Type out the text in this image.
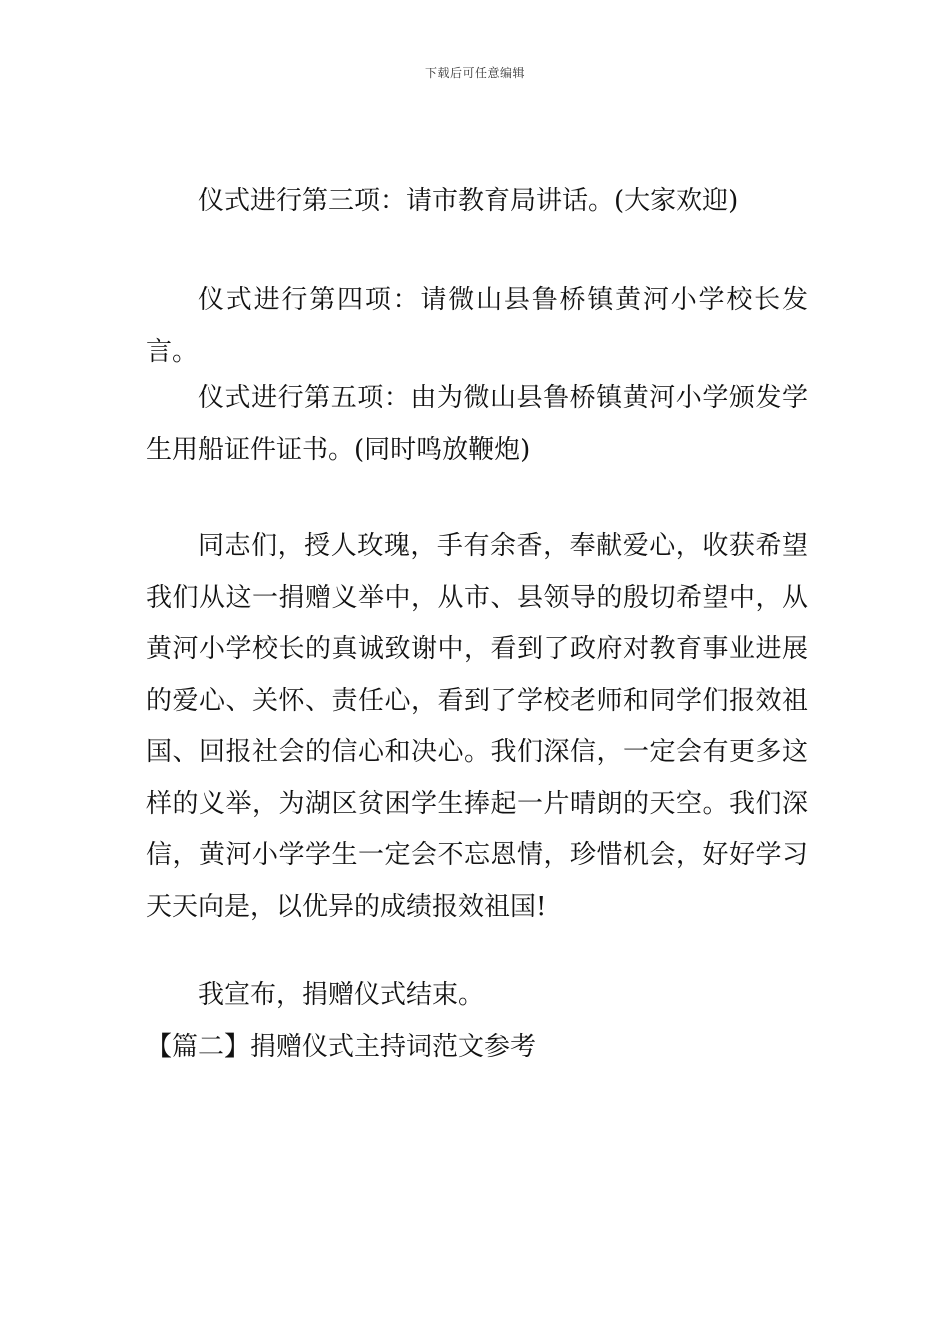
下载后可任意编辑

仪式进行第三项：请市教育局讲话。(大家欢迎)

仪式进行第四项：请微山县鲁桥镇黄河小学校长发言。

仪式进行第五项：由为微山县鲁桥镇黄河小学颁发学生用船证件证书。(同时鸣放鞭炮)

同志们，授人玫瑰，手有余香，奉献爱心，收获希望我们从这一捐赠义举中，从市、县领导的殷切希望中，从黄河小学校长的真诚致谢中，看到了政府对教育事业进展的爱心、关怀、责任心，看到了学校老师和同学们报效祖国、回报社会的信心和决心。我们深信，一定会有更多这样的义举，为湖区贫困学生捧起一片晴朗的天空。我们深信，黄河小学学生一定会不忘恩情，珍惜机会，好好学习天天向是，以优异的成绩报效祖国!

我宣布，捐赠仪式结束。

【篇二】捐赠仪式主持词范文参考
